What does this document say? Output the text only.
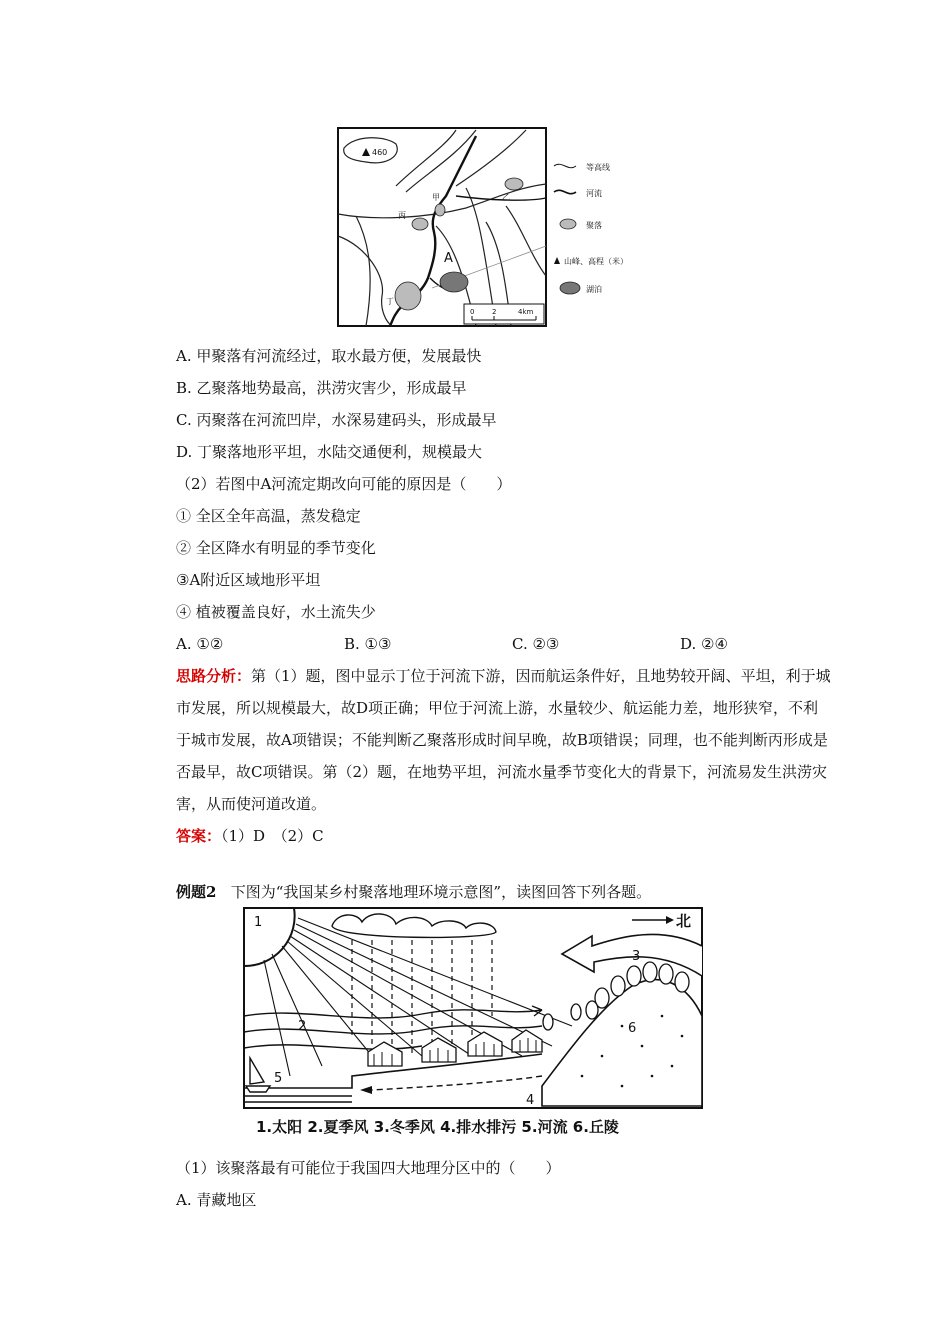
460
甲	乙
丙
丁
A
0	2	4km
等高线
河流
聚落
山峰、高程（米）
湖泊
A. 甲聚落有河流经过，取水最方便，发展最快
B. 乙聚落地势最高，洪涝灾害少，形成最早
C. 丙聚落在河流凹岸，水深易建码头，形成最早
D. 丁聚落地形平坦，水陆交通便利，规模最大
（2）若图中A河流定期改向可能的原因是（　　）
① 全区全年高温，蒸发稳定
② 全区降水有明显的季节变化
③A附近区域地形平坦
④ 植被覆盖良好，水土流失少
A. ①②	B. ①③	C. ②③	D. ②④
思路分析：第（1）题，图中显示丁位于河流下游，因而航运条件好，且地势较开阔、平坦，利于城市发展，所以规模最大，故D项正确；甲位于河流上游，水量较少、航运能力差，地形狭窄，不利于城市发展，故A项错误；不能判断乙聚落形成时间早晚，故B项错误；同理，也不能判断丙形成是否最早，故C项错误。第（2）题，在地势平坦，河流水量季节变化大的背景下，河流易发生洪涝灾害，从而使河道改道。
答案：（1）D　（2）C
例题2 下图为“我国某乡村聚落地理环境示意图”，读图回答下列各题。
北
1
2
3
4
5
6
1.太阳 2.夏季风 3.冬季风 4.排水排污 5.河流 6.丘陵
（1）该聚落最有可能位于我国四大地理分区中的（　　）
A. 青藏地区
